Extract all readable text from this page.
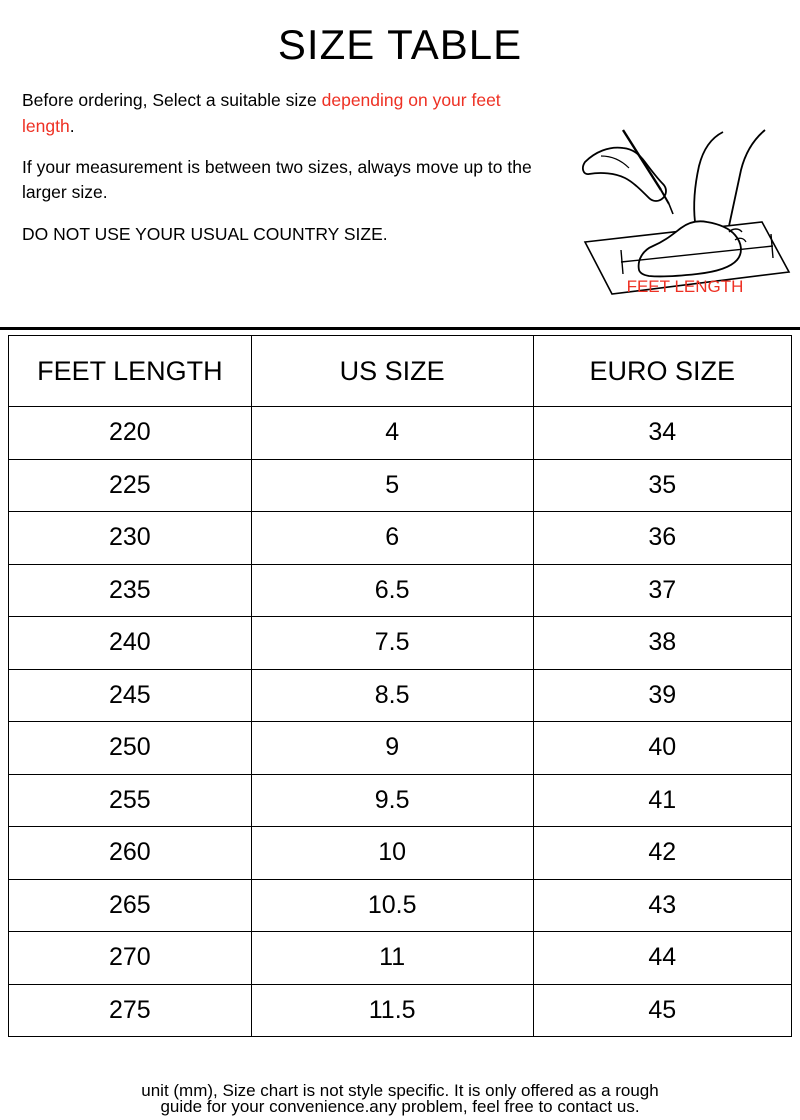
SIZE TABLE

Before ordering, Select a suitable size depending on your feet length.

If your measurement is between two sizes, always move up to the larger size.

DO NOT USE YOUR USUAL COUNTRY SIZE.

FEET LENGTH
FEET LENGTH	US SIZE	EURO SIZE
220	4	34
225	5	35
230	6	36
235	6.5	37
240	7.5	38
245	8.5	39
250	9	40
255	9.5	41
260	10	42
265	10.5	43
270	11	44
275	11.5	45
unit (mm), Size chart is not style specific. It is only offered as a rough
guide for your convenience.any problem, feel free to contact us.
